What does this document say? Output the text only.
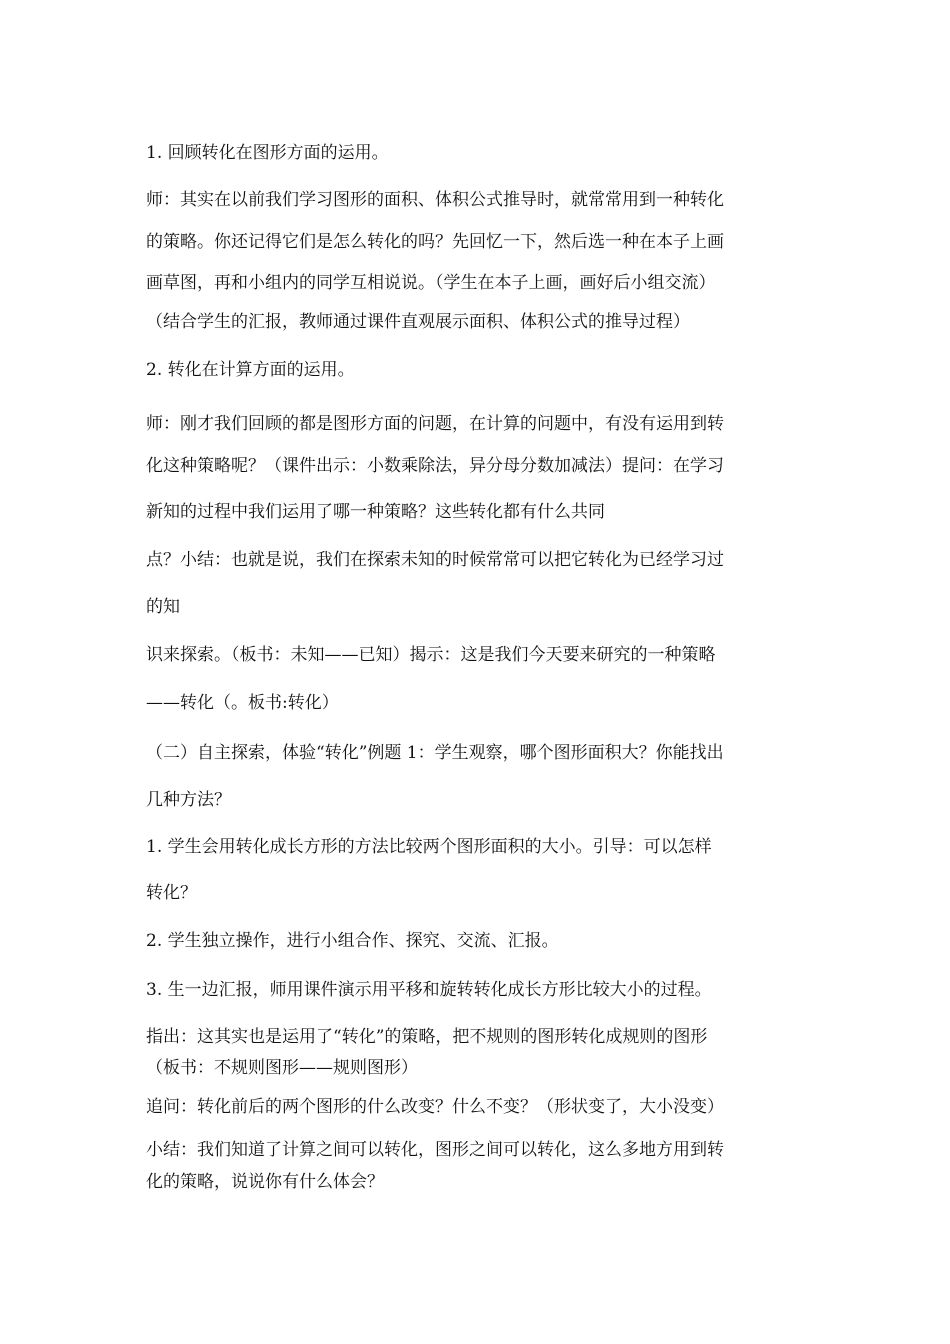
1. 回顾转化在图形方面的运用。
师：其实在以前我们学习图形的面积、体积公式推导时，就常常用到一种转化
的策略。你还记得它们是怎么转化的吗？先回忆一下，然后选一种在本子上画
画草图，再和小组内的同学互相说说。（学生在本子上画，画好后小组交流）
（结合学生的汇报，教师通过课件直观展示面积、体积公式的推导过程）
2. 转化在计算方面的运用。
师：刚才我们回顾的都是图形方面的问题，在计算的问题中，有没有运用到转
化这种策略呢？（课件出示：小数乘除法，异分母分数加减法）提问：在学习
新知的过程中我们运用了哪一种策略？这些转化都有什么共同
点？小结：也就是说，我们在探索未知的时候常常可以把它转化为已经学习过
的知
识来探索。（板书：未知——已知）揭示：这是我们今天要来研究的一种策略
——转化（。板书:转化）
（二）自主探索，体验“转化”例题 1：学生观察，哪个图形面积大？你能找出
几种方法？
1. 学生会用转化成长方形的方法比较两个图形面积的大小。引导：可以怎样
转化？
2. 学生独立操作，进行小组合作、探究、交流、汇报。
3. 生一边汇报，师用课件演示用平移和旋转转化成长方形比较大小的过程。
指出：这其实也是运用了“转化”的策略，把不规则的图形转化成规则的图形
（板书：不规则图形——规则图形）
追问：转化前后的两个图形的什么改变？什么不变？（形状变了，大小没变）
小结：我们知道了计算之间可以转化，图形之间可以转化，这么多地方用到转
化的策略，说说你有什么体会？
